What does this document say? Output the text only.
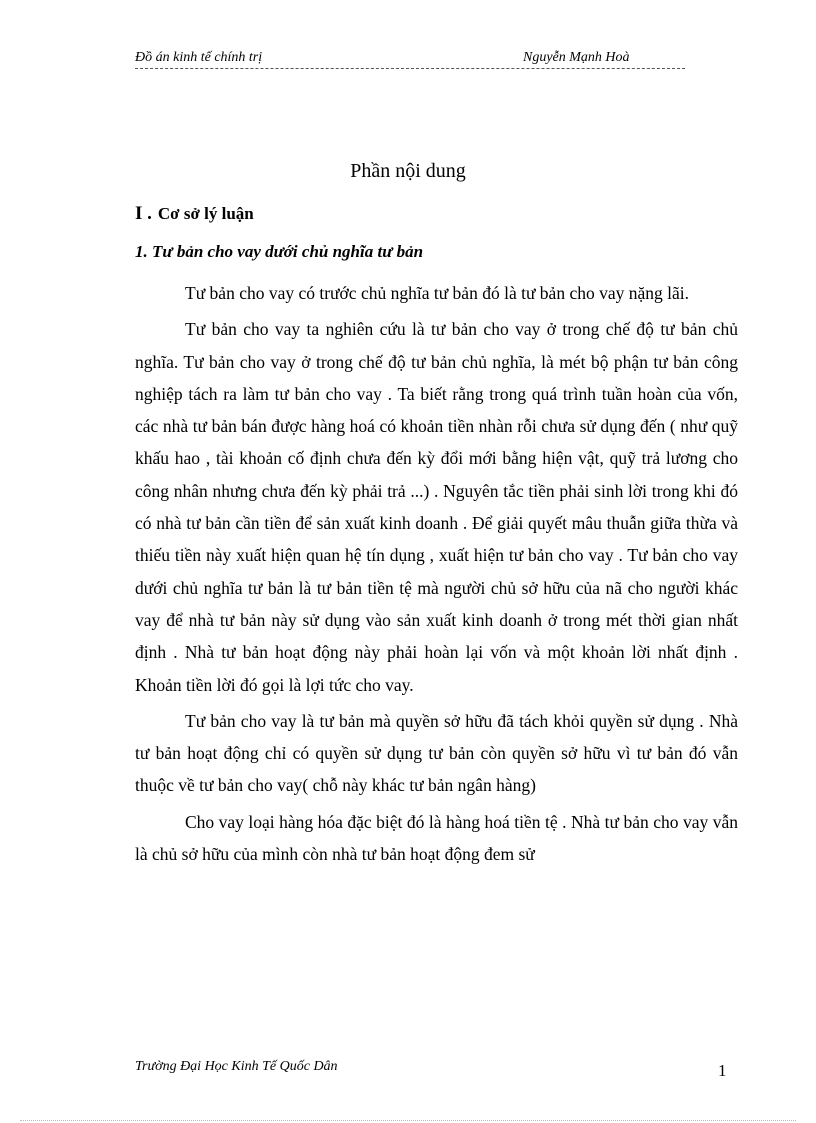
Đồ án kinh tế chính trị	Nguyễn Mạnh Hoà
Phần nội dung
I . Cơ sở lý luận
1. Tư bản cho vay dưới chủ nghĩa tư bản

Tư bản cho vay có trước chủ nghĩa tư bản đó là tư bản cho vay nặng lãi.

Tư bản cho vay ta nghiên cứu là tư bản cho vay ở trong chế độ tư bản chủ nghĩa. Tư bản cho vay ở trong chế độ tư bản chủ nghĩa, là mét bộ phận tư bản công nghiệp tách ra làm tư bản cho vay . Ta biết rằng trong quá trình tuần hoàn của vốn, các nhà tư bản bán được hàng hoá có khoản tiền nhàn rỗi chưa sử dụng đến ( như quỹ khấu hao , tài khoản cố định chưa đến kỳ đổi mới bằng hiện vật, quỹ trả lương cho công nhân nhưng chưa đến kỳ phải trả ...) . Nguyên tắc tiền phải sinh lời trong khi đó có nhà tư bản cần tiền để sản xuất kinh doanh . Để giải quyết mâu thuẫn giữa thừa và thiếu tiền này xuất hiện quan hệ tín dụng , xuất hiện tư bản cho vay . Tư bản cho vay dưới chủ nghĩa tư bản là tư bản tiền tệ mà người chủ sở hữu của nã cho người khác vay để nhà tư bản này sử dụng vào sản xuất kinh doanh ở trong mét thời gian nhất định . Nhà tư bản hoạt động này phải hoàn lại vốn và một khoản lời nhất định . Khoản tiền lời đó gọi là lợi tức cho vay.

Tư bản cho vay là tư bản mà quyền sở hữu đã tách khỏi quyền sử dụng . Nhà tư bản hoạt động chỉ có quyền sử dụng tư bản còn quyền sở hữu vì tư bản đó vẫn thuộc về tư bản cho vay( chỗ này khác tư bản ngân hàng)

Cho vay loại hàng hóa đặc biệt đó là hàng hoá tiền tệ . Nhà tư bản cho vay vẫn là chủ sở hữu của mình còn nhà tư bản hoạt động đem sử

Trường Đại Học Kinh Tế Quốc Dân	1
